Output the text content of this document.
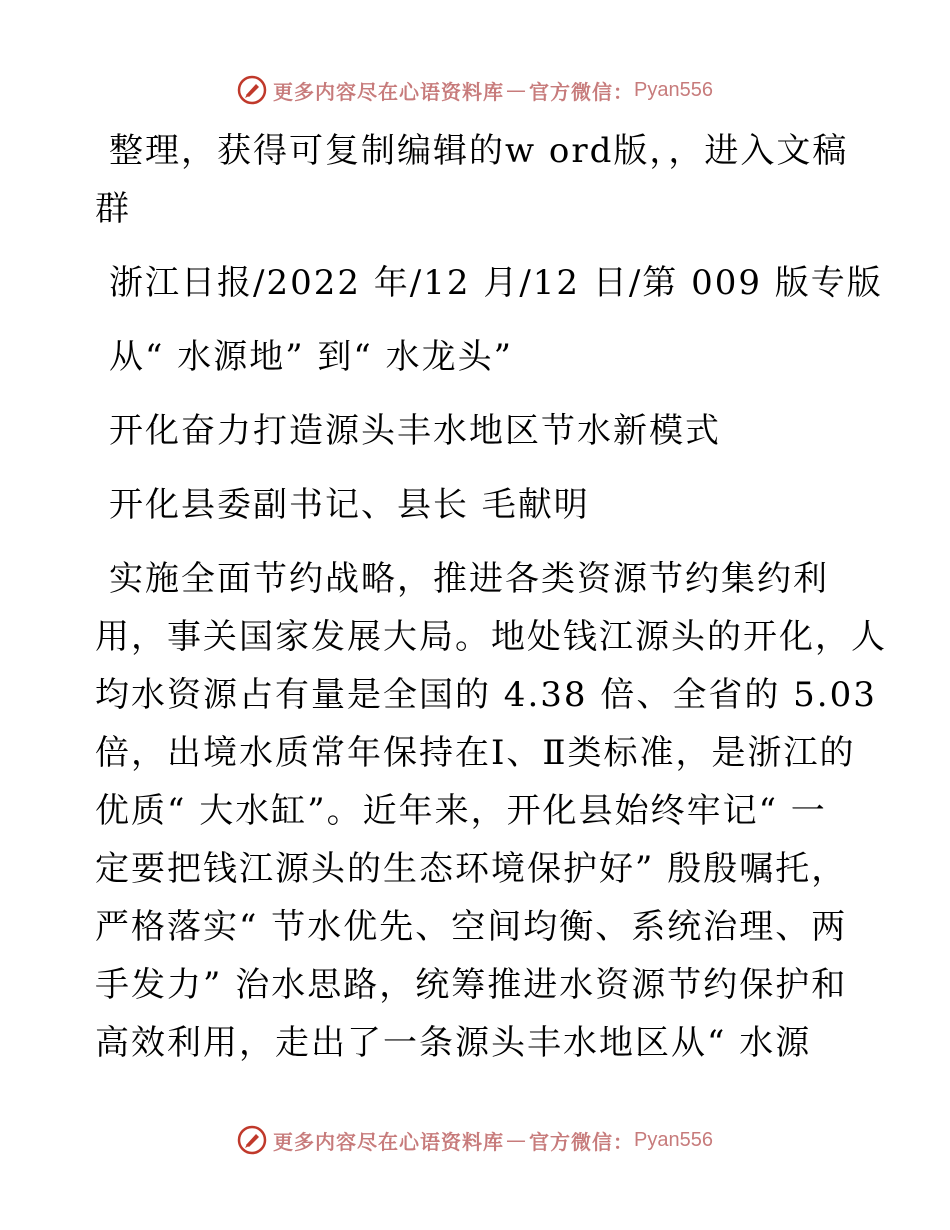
更多内容尽在心语资料库 — 官方微信： Pyan556
整理，获得可复制编辑的w ord版，，进入文稿
群
浙江日报/2022 年/12 月/12 日/第 009 版专版
从“ 水源地” 到“ 水龙头”
开化奋力打造源头丰水地区节水新模式
开化县委副书记、县长 毛献明
实施全面节约战略，推进各类资源节约集约利
用，事关国家发展大局。地处钱江源头的开化，人
均水资源占有量是全国的 4.38 倍、全省的 5.03
倍，出境水质常年保持在Ⅰ、Ⅱ类标准，是浙江的
优质“ 大水缸”。近年来，开化县始终牢记“ 一
定要把钱江源头的生态环境保护好” 殷殷嘱托，
严格落实“ 节水优先、空间均衡、系统治理、两
手发力” 治水思路，统筹推进水资源节约保护和
高效利用，走出了一条源头丰水地区从“ 水源
更多内容尽在心语资料库 — 官方微信： Pyan556
